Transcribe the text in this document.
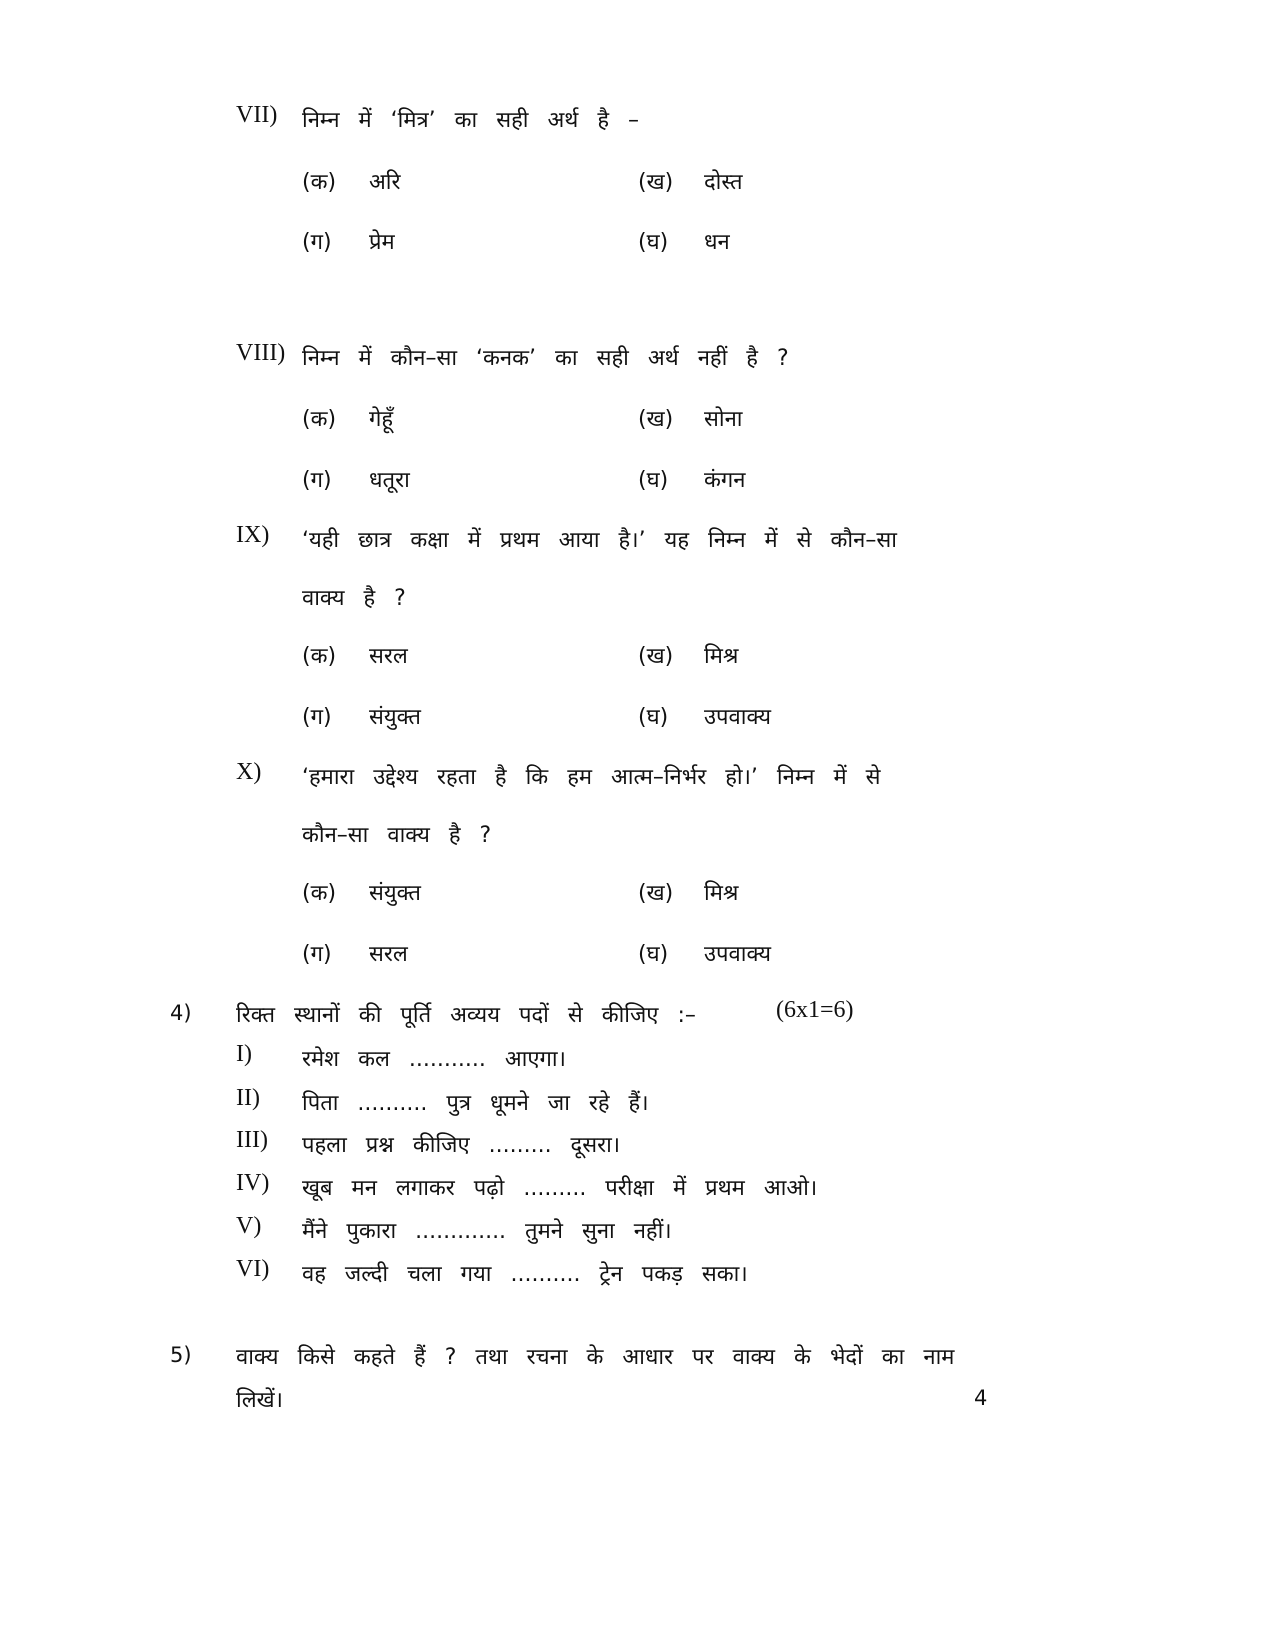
VII) निम्न में ‘मित्र’ का सही अर्थ है –
(क) अरि	(ख) दोस्त
(ग) प्रेम	(घ) धन
VIII) निम्न में कौन–सा ‘कनक’ का सही अर्थ नहीं है ?
(क) गेहूँ	(ख) सोना
(ग) धतूरा	(घ) कंगन
IX) ‘यही छात्र कक्षा में प्रथम आया है।’ यह निम्न में से कौन–सा
वाक्य है ?
(क) सरल	(ख) मिश्र
(ग) संयुक्त	(घ) उपवाक्य
X) ‘हमारा उद्देश्य रहता है कि हम आत्म–निर्भर हो।’ निम्न में से
कौन–सा वाक्य है ?
(क) संयुक्त	(ख) मिश्र
(ग) सरल	(घ) उपवाक्य
4) रिक्त स्थानों की पूर्ति अव्यय पदों से कीजिए :–	(6x1=6)
I) रमेश कल ........... आएगा।
II) पिता .......... पुत्र धूमने जा रहे हैं।
III) पहला प्रश्न कीजिए ......... दूसरा।
IV) खूब मन लगाकर पढ़ो ......... परीक्षा में प्रथम आओ।
V) मैंने पुकारा ............. तुमने सुना नहीं।
VI) वह जल्दी चला गया .......... ट्रेन पकड़ सका।
5) वाक्य किसे कहते हैं ? तथा रचना के आधार पर वाक्य के भेदों का नाम
लिखें।	4
